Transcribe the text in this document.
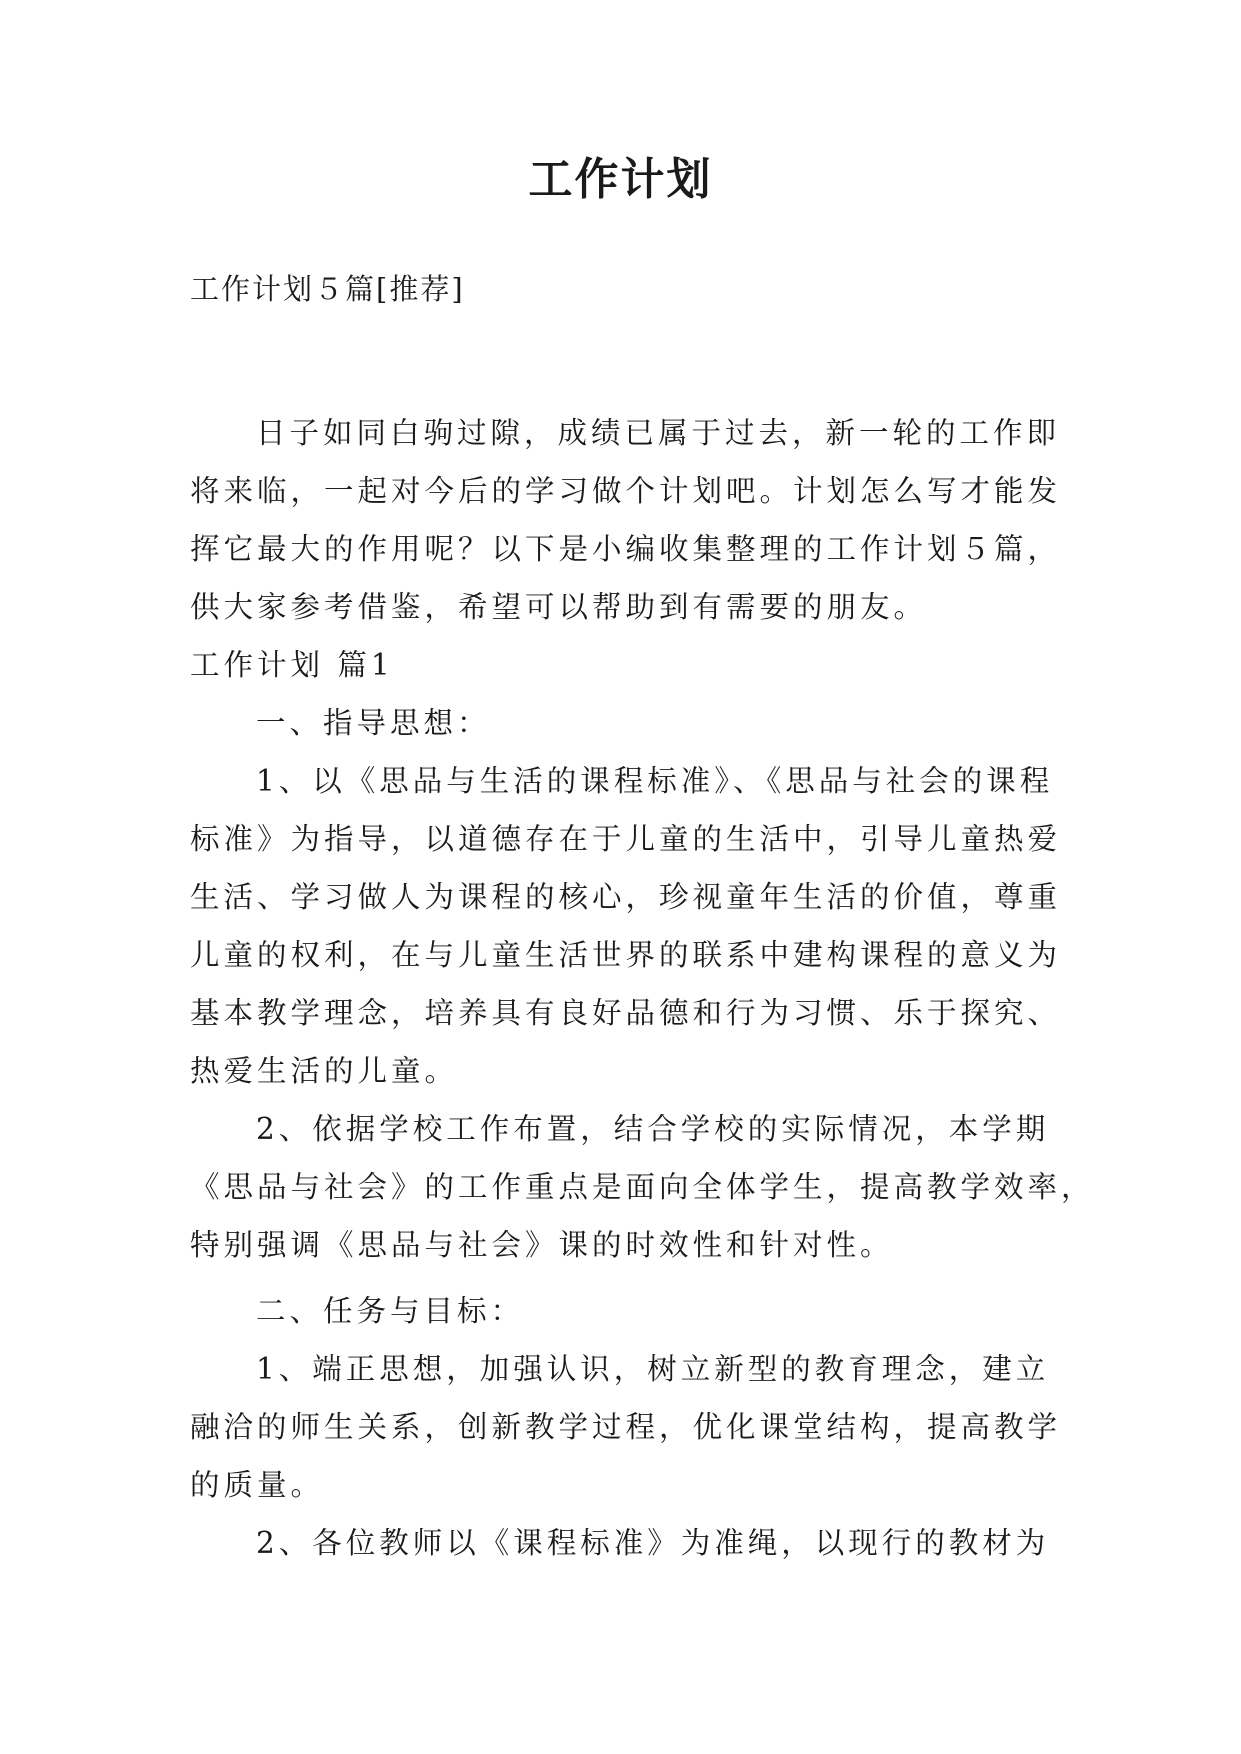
工作计划

工作计划５篇[推荐]

日子如同白驹过隙，成绩已属于过去，新一轮的工作即
将来临，一起对今后的学习做个计划吧。计划怎么写才能发
挥它最大的作用呢？以下是小编收集整理的工作计划５篇，
供大家参考借鉴，希望可以帮助到有需要的朋友。
工作计划 篇1
一、指导思想：
1、以《思品与生活的课程标准》、《思品与社会的课程
标准》为指导，以道德存在于儿童的生活中，引导儿童热爱
生活、学习做人为课程的核心，珍视童年生活的价值，尊重
儿童的权利，在与儿童生活世界的联系中建构课程的意义为
基本教学理念，培养具有良好品德和行为习惯、乐于探究、
热爱生活的儿童。
2、依据学校工作布置，结合学校的实际情况，本学期
《思品与社会》的工作重点是面向全体学生，提高教学效率，
特别强调《思品与社会》课的时效性和针对性。
二、任务与目标：
1、端正思想，加强认识，树立新型的教育理念，建立
融洽的师生关系，创新教学过程，优化课堂结构，提高教学
的质量。
2、各位教师以《课程标准》为准绳，以现行的教材为
